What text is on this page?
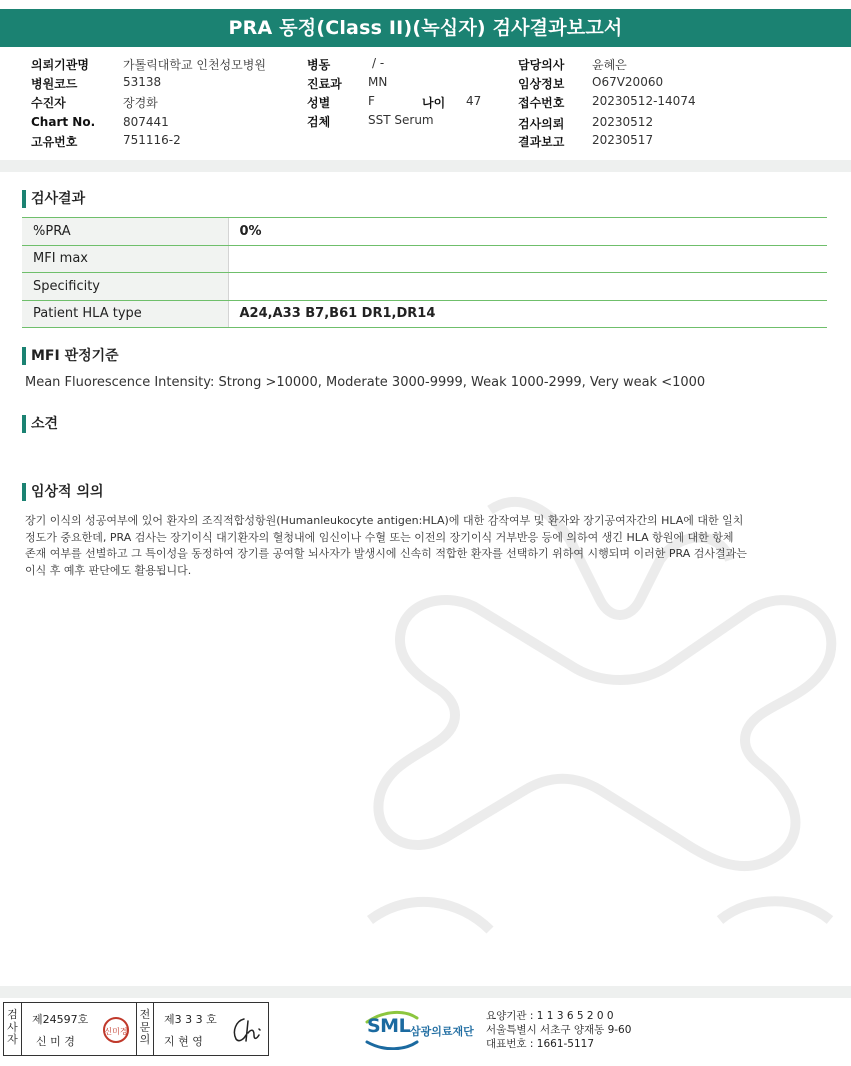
PRA 동정(Class II)(녹십자) 검사결과보고서
의뢰기관명	가톨릭대학교 인천성모병원
병원코드	53138
수진자	장경화
Chart No. 807441
고유번호	751116-2
병동	/ -
진료과 MN
성별	F	나이 47
검체	SST Serum
담당의사 윤혜은
임상정보 O67V20060
접수번호 20230512-14074
검사의뢰 20230512
결과보고 20230517
검사결과
%PRA	0%
MFI max	
Specificity	
Patient HLA type	A24,A33 B7,B61 DR1,DR14
MFI 판정기준
Mean Fluorescence Intensity: Strong >10000, Moderate 3000-9999, Weak 1000-2999, Very weak <1000
소견
임상적 의의
장기 이식의 성공여부에 있어 환자의 조직적합성항원(Humanleukocyte antigen:HLA)에 대한 감작여부 및 환자와 장기공여자간의 HLA에 대한 일치
정도가 중요한데, PRA 검사는 장기이식 대기환자의 혈청내에 임신이나 수혈 또는 이전의 장기이식 거부반응 등에 의하여 생긴 HLA 항원에 대한 항체
존재 여부를 선별하고 그 특이성을 동정하여 장기를 공여할 뇌사자가 발생시에 신속히 적합한 환자를 선택하기 위하여 시행되며 이러한 PRA 검사결과는
이식 후 예후 판단에도 활용됩니다.
검
사
자
제24597호
신 미 경
신미경
전
문
의
제3 3 3 호
지 현 영
SML 삼광의료재단
요양기관 : 1 1 3 6 5 2 0 0
서울특별시 서초구 양재동 9-60
대표번호 : 1661-5117
